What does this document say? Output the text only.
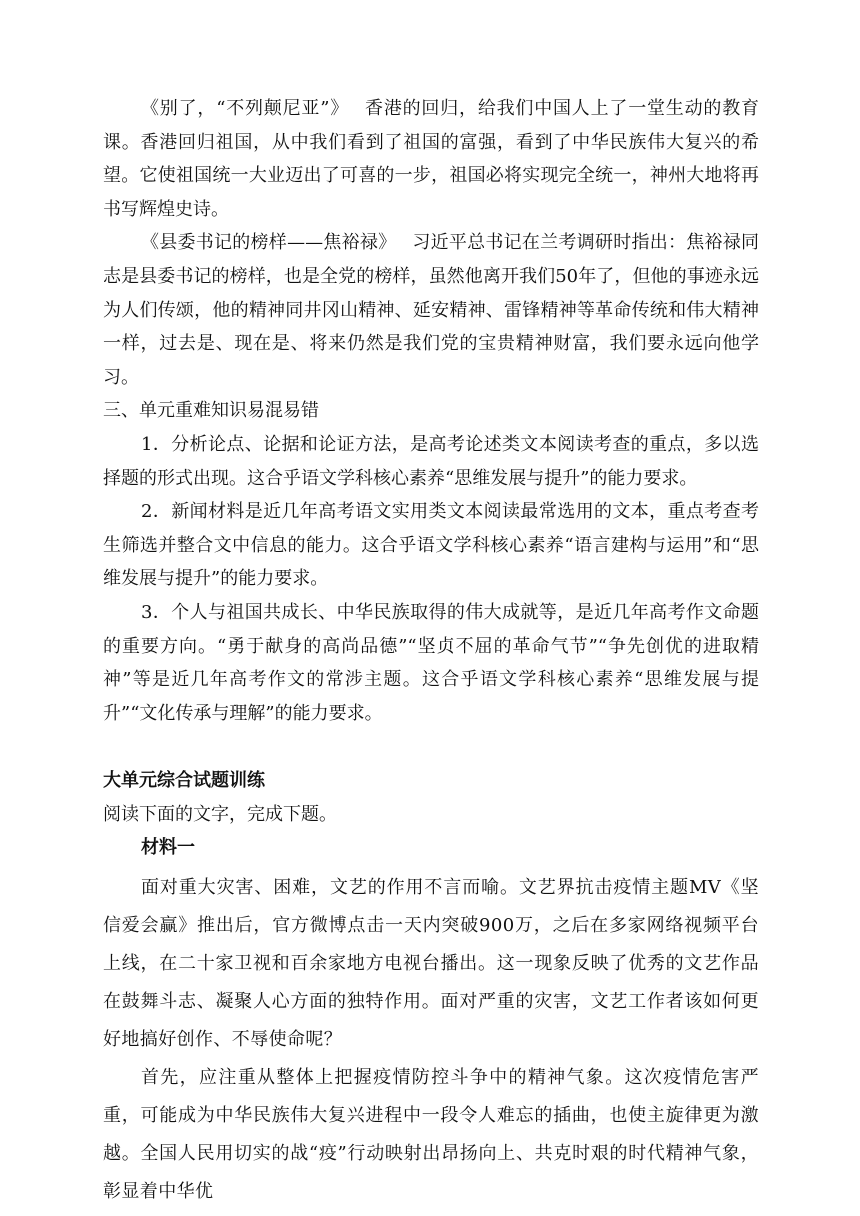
《别了，“不列颠尼亚”》 香港的回归，给我们中国人上了一堂生动的教育课。香港回归祖国，从中我们看到了祖国的富强，看到了中华民族伟大复兴的希望。它使祖国统一大业迈出了可喜的一步，祖国必将实现完全统一，神州大地将再书写辉煌史诗。

《县委书记的榜样——焦裕禄》 习近平总书记在兰考调研时指出：焦裕禄同志是县委书记的榜样，也是全党的榜样，虽然他离开我们50年了，但他的事迹永远为人们传颂，他的精神同井冈山精神、延安精神、雷锋精神等革命传统和伟大精神一样，过去是、现在是、将来仍然是我们党的宝贵精神财富，我们要永远向他学习。

三、单元重难知识易混易错

1．分析论点、论据和论证方法，是高考论述类文本阅读考查的重点，多以选择题的形式出现。这合乎语文学科核心素养“思维发展与提升”的能力要求。

2．新闻材料是近几年高考语文实用类文本阅读最常选用的文本，重点考查考生筛选并整合文中信息的能力。这合乎语文学科核心素养“语言建构与运用”和“思维发展与提升”的能力要求。

3．个人与祖国共成长、中华民族取得的伟大成就等，是近几年高考作文命题的重要方向。“勇于献身的高尚品德”“坚贞不屈的革命气节”“争先创优的进取精神”等是近几年高考作文的常涉主题。这合乎语文学科核心素养“思维发展与提升”“文化传承与理解”的能力要求。

大单元综合试题训练

阅读下面的文字，完成下题。

材料一

面对重大灾害、困难，文艺的作用不言而喻。文艺界抗击疫情主题MV《坚信爱会赢》推出后，官方微博点击一天内突破900万，之后在多家网络视频平台上线，在二十家卫视和百余家地方电视台播出。这一现象反映了优秀的文艺作品在鼓舞斗志、凝聚人心方面的独特作用。面对严重的灾害，文艺工作者该如何更好地搞好创作、不辱使命呢？

首先，应注重从整体上把握疫情防控斗争中的精神气象。这次疫情危害严重，可能成为中华民族伟大复兴进程中一段令人难忘的插曲，也使主旋律更为激越。全国人民用切实的战“疫”行动映射出昂扬向上、共克时艰的时代精神气象，彰显着中华优
